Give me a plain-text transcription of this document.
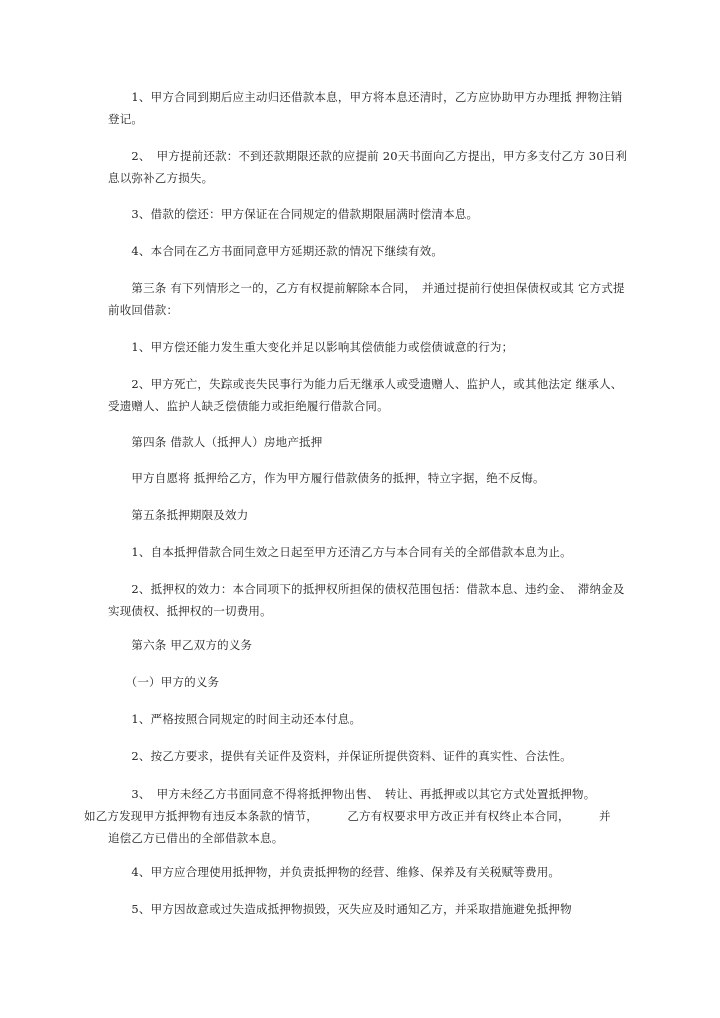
　　1、甲方合同到期后应主动归还借款本息，甲方将本息还清时，乙方应协助甲方办理抵 押物注销
登记。

　　2、　甲方提前还款：不到还款期限还款的应提前 20天书面向乙方提出，甲方多支付乙方 30日利
息以弥补乙方损失。

　　3、借款的偿还：甲方保证在合同规定的借款期限届满时偿清本息。

　　4、本合同在乙方书面同意甲方延期还款的情况下继续有效。

　　第三条 有下列情形之一的，乙方有权提前解除本合同，　并通过提前行使担保债权或其 它方式提
前收回借款：

　　1、甲方偿还能力发生重大变化并足以影响其偿债能力或偿债诚意的行为；

　　2、甲方死亡，失踪或丧失民事行为能力后无继承人或受遗赠人、监护人，或其他法定 继承人、
受遗赠人、监护人缺乏偿债能力或拒绝履行借款合同。

　　第四条 借款人（抵押人）房地产抵押

　　甲方自愿将 抵押给乙方，作为甲方履行借款债务的抵押，特立字据，绝不反悔。

　　第五条抵押期限及效力

　　1、自本抵押借款合同生效之日起至甲方还清乙方与本合同有关的全部借款本息为止。

　　2、抵押权的效力：本合同项下的抵押权所担保的债权范围包括：借款本息、违约金、　滞纳金及
实现债权、抵押权的一切费用。

　　第六条 甲乙双方的义务

　　（一）甲方的义务

　　1、严格按照合同规定的时间主动还本付息。

　　2、按乙方要求，提供有关证件及资料，并保证所提供资料、证件的真实性、合法性。

　　3、　甲方未经乙方书面同意不得将抵押物出售、　转让、再抵押或以其它方式处置抵押物。
如乙方发现甲方抵押物有违反本条款的情节，　　　乙方有权要求甲方改正并有权终止本合同，　　　并
追偿乙方已借出的全部借款本息。

　　4、甲方应合理使用抵押物，并负责抵押物的经营、维修、保养及有关税赋等费用。

　　5、甲方因故意或过失造成抵押物损毁，灭失应及时通知乙方，并采取措施避免抵押物
